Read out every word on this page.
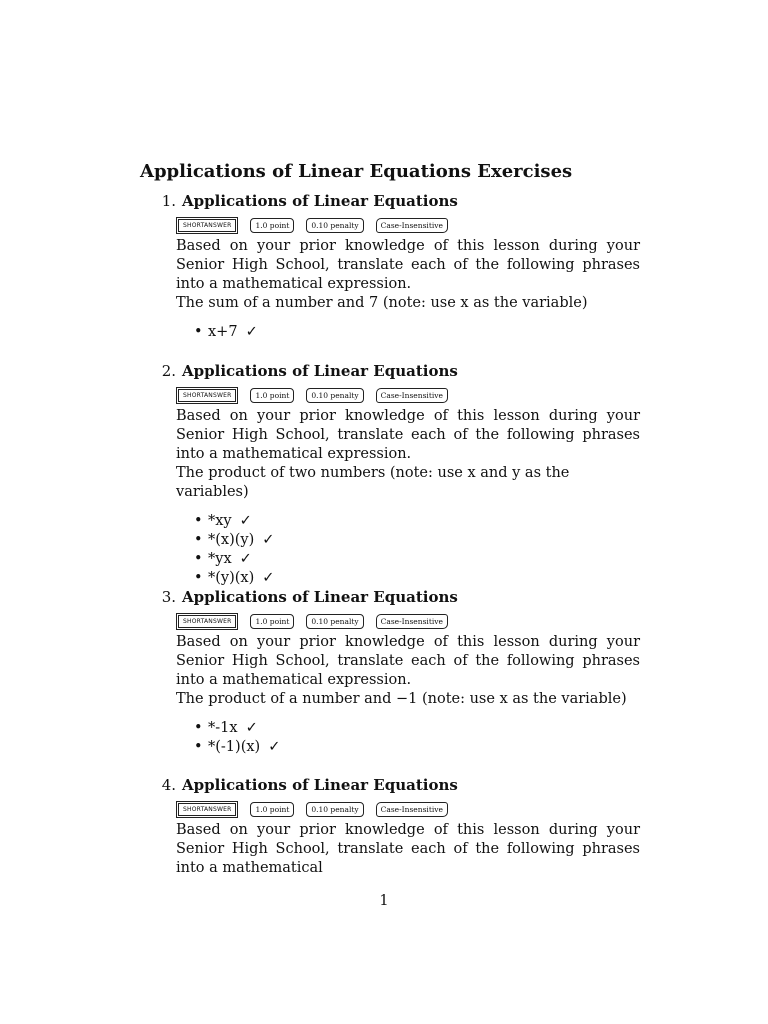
Applications of Linear Equations Exercises
1. Applications of Linear Equations
SHORTANSWER	1.0 point	0.10 penalty	Case-Insensitive
Based on your prior knowledge of this lesson during your Senior High School, translate each of the following phrases into a mathematical expression.
The sum of a number and 7 (note: use x as the variable)
• x+7 ✓
2. Applications of Linear Equations
SHORTANSWER	1.0 point	0.10 penalty	Case-Insensitive
Based on your prior knowledge of this lesson during your Senior High School, translate each of the following phrases into a mathematical expression.
The product of two numbers (note: use x and y as the variables)
• *xy ✓
• *(x)(y) ✓
• *yx ✓
• *(y)(x) ✓
3. Applications of Linear Equations
SHORTANSWER	1.0 point	0.10 penalty	Case-Insensitive
Based on your prior knowledge of this lesson during your Senior High School, translate each of the following phrases into a mathematical expression.
The product of a number and −1 (note: use x as the variable)
• *-1x ✓
• *(-1)(x) ✓
4. Applications of Linear Equations
SHORTANSWER	1.0 point	0.10 penalty	Case-Insensitive
Based on your prior knowledge of this lesson during your Senior High School, translate each of the following phrases into a mathematical
1
